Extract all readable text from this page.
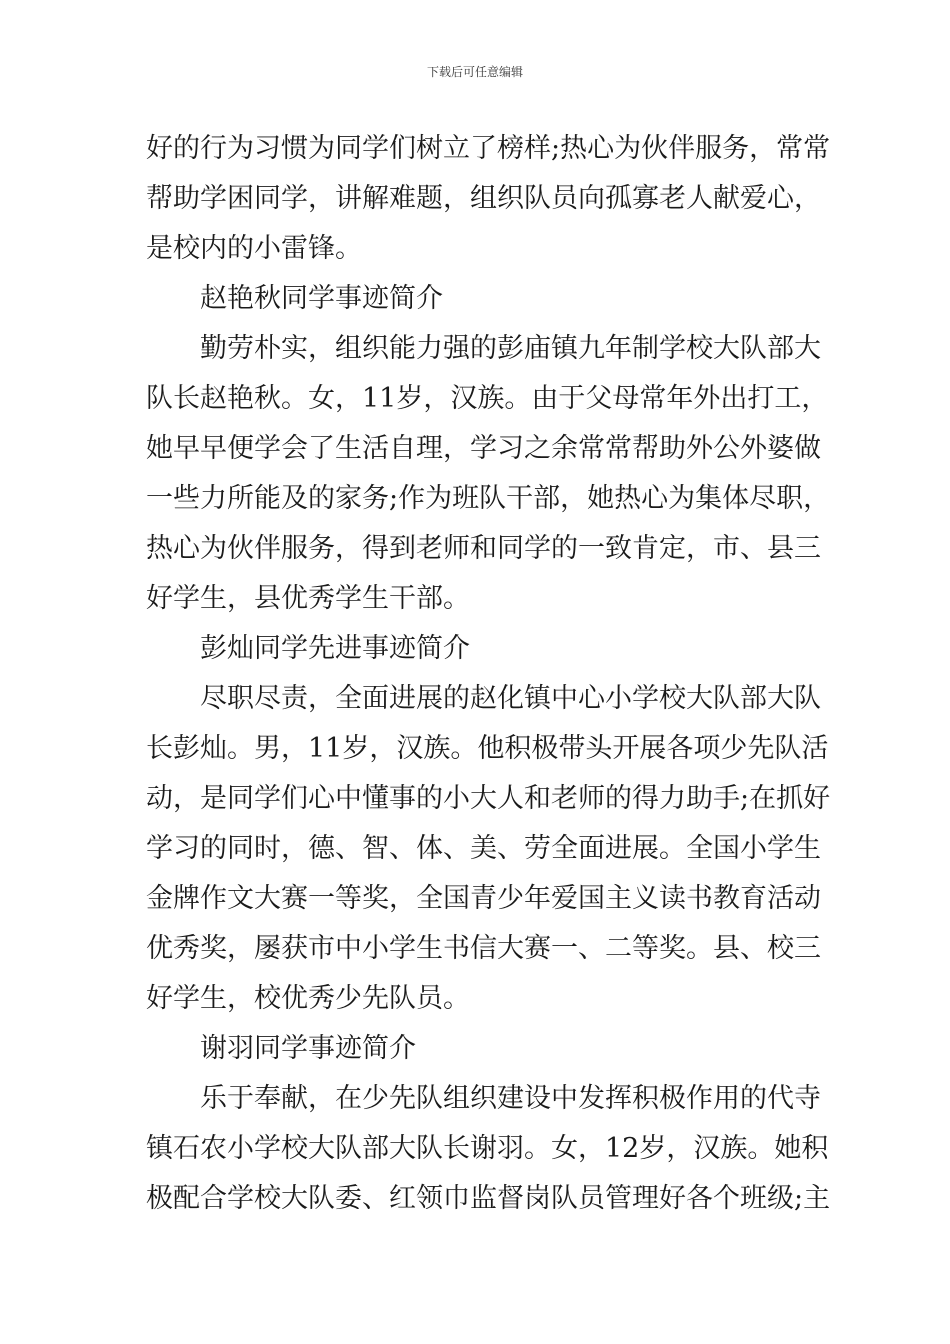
下载后可任意编辑
好的行为习惯为同学们树立了榜样;热心为伙伴服务，常常
帮助学困同学，讲解难题，组织队员向孤寡老人献爱心，
是校内的小雷锋。
赵艳秋同学事迹简介
勤劳朴实，组织能力强的彭庙镇九年制学校大队部大
队长赵艳秋。女，11岁，汉族。由于父母常年外出打工，
她早早便学会了生活自理，学习之余常常帮助外公外婆做
一些力所能及的家务;作为班队干部，她热心为集体尽职，
热心为伙伴服务，得到老师和同学的一致肯定，市、县三
好学生，县优秀学生干部。
彭灿同学先进事迹简介
尽职尽责，全面进展的赵化镇中心小学校大队部大队
长彭灿。男，11岁，汉族。他积极带头开展各项少先队活
动，是同学们心中懂事的小大人和老师的得力助手;在抓好
学习的同时，德、智、体、美、劳全面进展。全国小学生
金牌作文大赛一等奖，全国青少年爱国主义读书教育活动
优秀奖，屡获市中小学生书信大赛一、二等奖。县、校三
好学生，校优秀少先队员。
谢羽同学事迹简介
乐于奉献，在少先队组织建设中发挥积极作用的代寺
镇石农小学校大队部大队长谢羽。女，12岁，汉族。她积
极配合学校大队委、红领巾监督岗队员管理好各个班级;主
